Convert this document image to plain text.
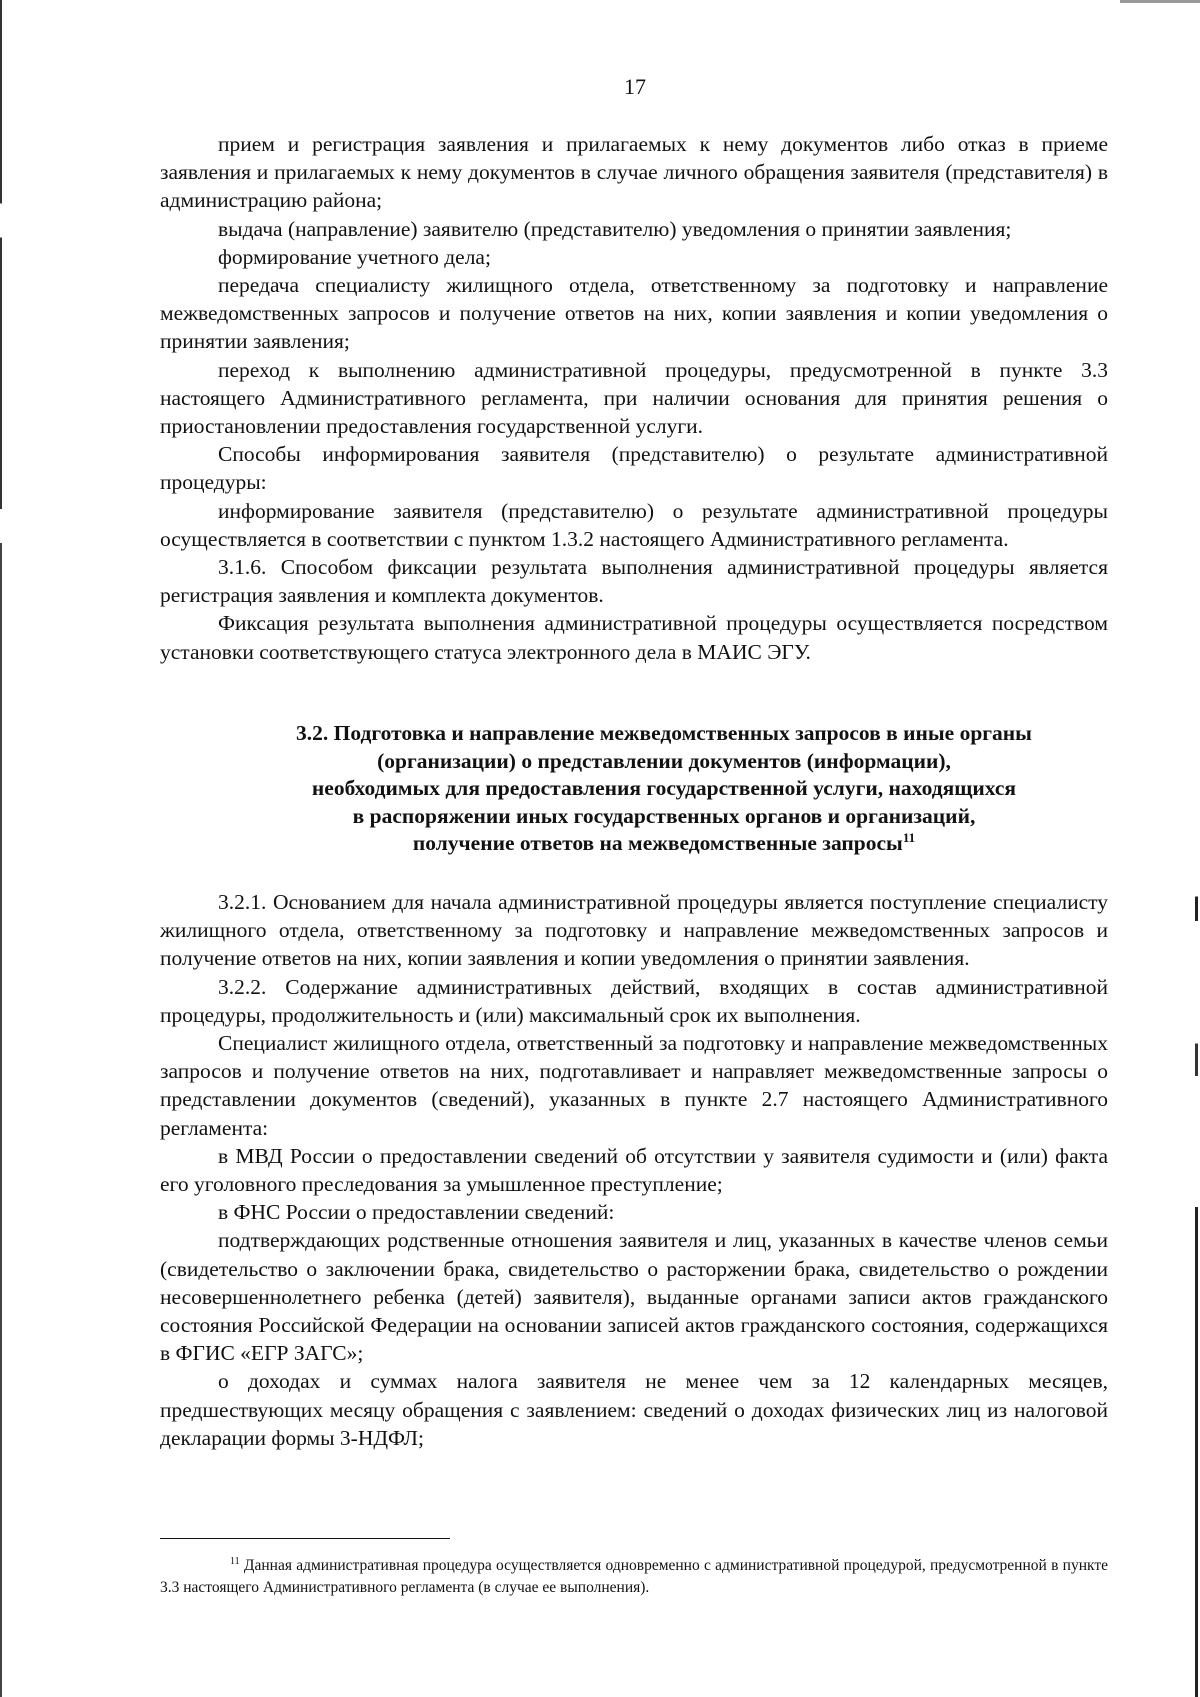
17

прием и регистрация заявления и прилагаемых к нему документов либо отказ в приеме заявления и прилагаемых к нему документов в случае личного обращения заявителя (представителя) в администрацию района;

выдача (направление) заявителю (представителю) уведомления о принятии заявления;

формирование учетного дела;

передача специалисту жилищного отдела, ответственному за подготовку и направление межведомственных запросов и получение ответов на них, копии заявления и копии уведомления о принятии заявления;

переход к выполнению административной процедуры, предусмотренной в пункте 3.3 настоящего Административного регламента, при наличии основания для принятия решения о приостановлении предоставления государственной услуги.

Способы информирования заявителя (представителю) о результате административной процедуры:

информирование заявителя (представителю) о результате административной процедуры осуществляется в соответствии с пунктом 1.3.2 настоящего Административного регламента.

3.1.6. Способом фиксации результата выполнения административной процедуры является регистрация заявления и комплекта документов.

Фиксация результата выполнения административной процедуры осуществляется посредством установки соответствующего статуса электронного дела в МАИС ЭГУ.

3.2. Подготовка и направление межведомственных запросов в иные органы
(организации) о представлении документов (информации),
необходимых для предоставления государственной услуги, находящихся
в распоряжении иных государственных органов и организаций,
получение ответов на межведомственные запросы$^{11}$

3.2.1. Основанием для начала административной процедуры является поступление специалисту жилищного отдела, ответственному за подготовку и направление межведомственных запросов и получение ответов на них, копии заявления и копии уведомления о принятии заявления.

3.2.2. Содержание административных действий, входящих в состав административной процедуры, продолжительность и (или) максимальный срок их выполнения.

Специалист жилищного отдела, ответственный за подготовку и направление межведомственных запросов и получение ответов на них, подготавливает и направляет межведомственные запросы о представлении документов (сведений), указанных в пункте 2.7 настоящего Административного регламента:

в МВД России о предоставлении сведений об отсутствии у заявителя судимости и (или) факта его уголовного преследования за умышленное преступление;

в ФНС России о предоставлении сведений:

подтверждающих родственные отношения заявителя и лиц, указанных в качестве членов семьи (свидетельство о заключении брака, свидетельство о расторжении брака, свидетельство о рождении несовершеннолетнего ребенка (детей) заявителя), выданные органами записи актов гражданского состояния Российской Федерации на основании записей актов гражданского состояния, содержащихся в ФГИС «ЕГР ЗАГС»;

о доходах и суммах налога заявителя не менее чем за 12 календарных месяцев, предшествующих месяцу обращения с заявлением: сведений о доходах физических лиц из налоговой декларации формы 3-НДФЛ;

$^{11}$ Данная административная процедура осуществляется одновременно с административной процедурой, предусмотренной в пункте 3.3 настоящего Административного регламента (в случае ее выполнения).
